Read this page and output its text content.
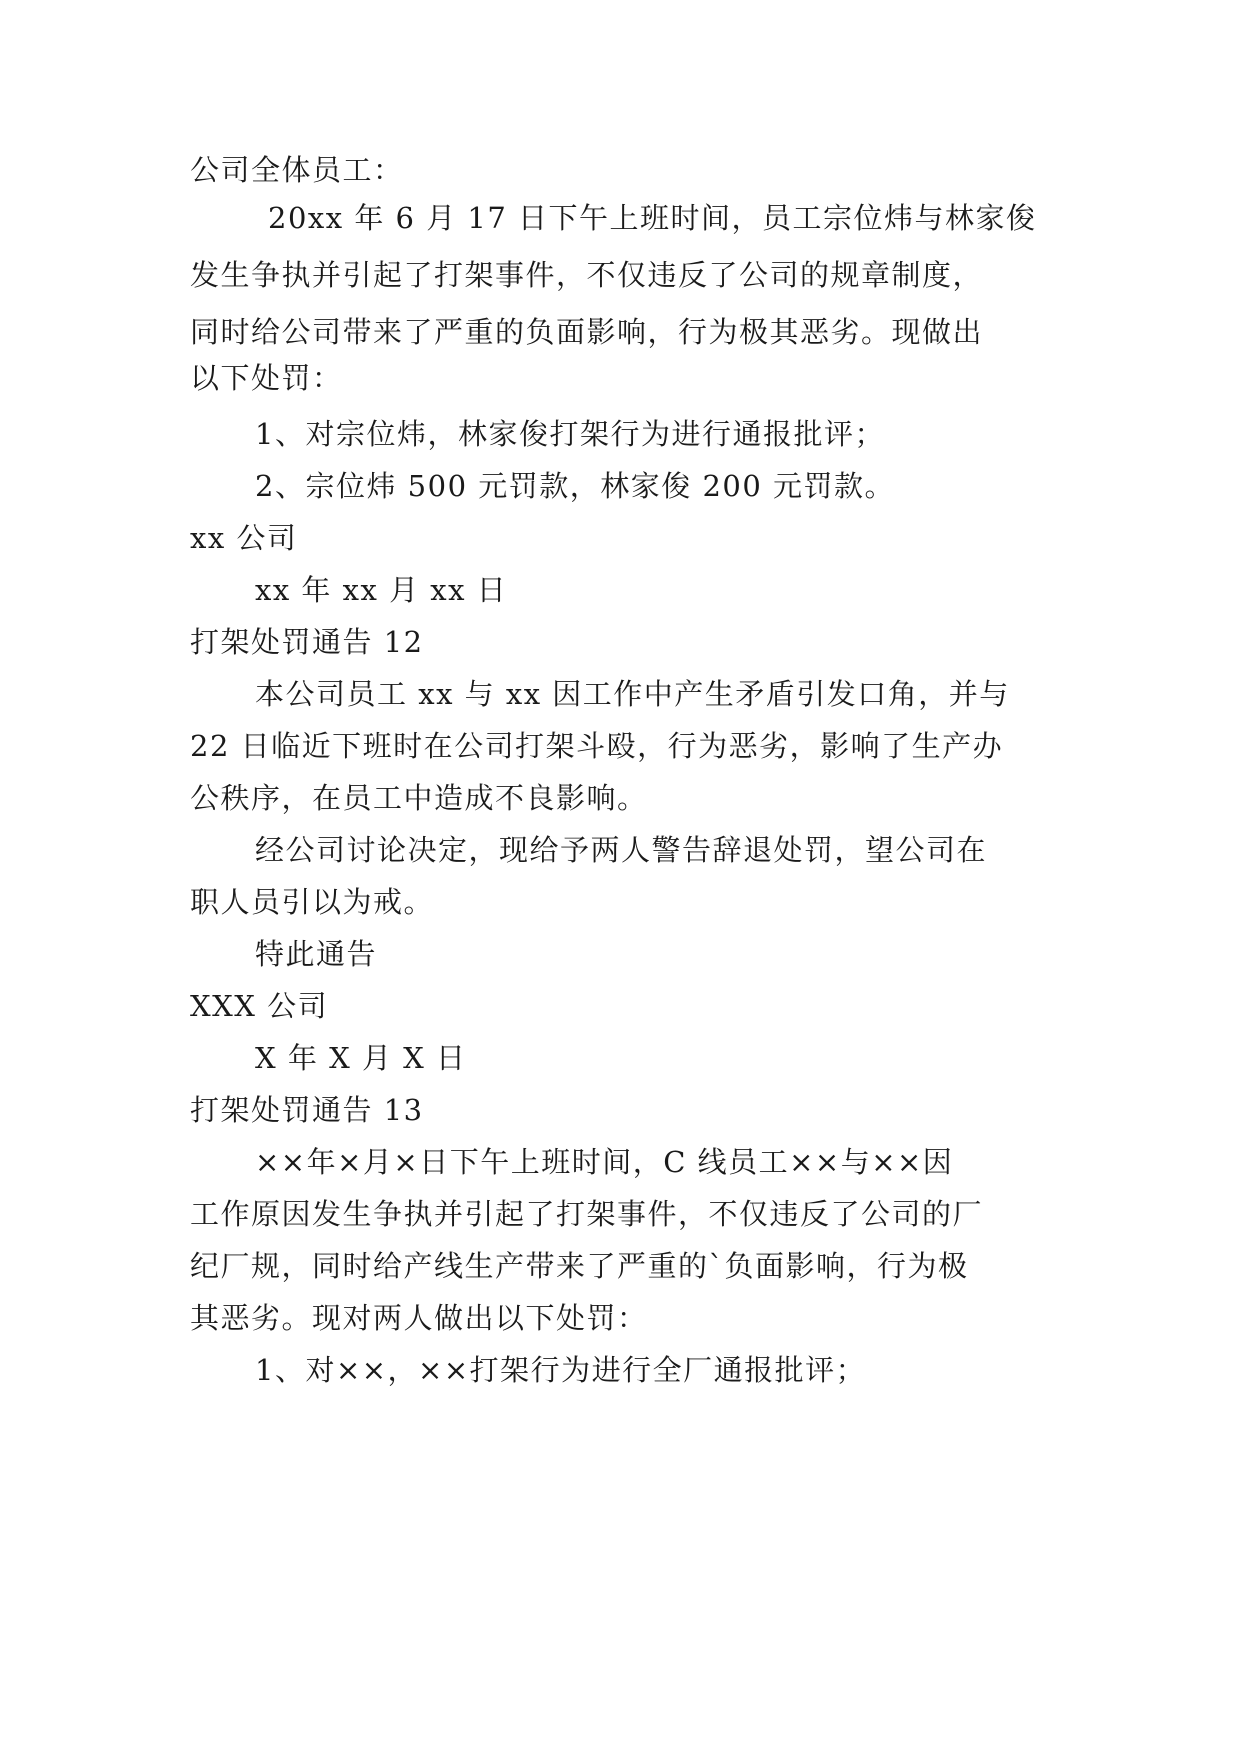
公司全体员工：
20xx 年 6 月 17 日下午上班时间，员工宗位炜与林家俊
发生争执并引起了打架事件，不仅违反了公司的规章制度，
同时给公司带来了严重的负面影响，行为极其恶劣。现做出
以下处罚：
1、对宗位炜，林家俊打架行为进行通报批评；
2、宗位炜 500 元罚款，林家俊 200 元罚款。
xx 公司
xx 年 xx 月 xx 日
打架处罚通告 12
本公司员工 xx 与 xx 因工作中产生矛盾引发口角，并与
22 日临近下班时在公司打架斗殴，行为恶劣，影响了生产办
公秩序，在员工中造成不良影响。
经公司讨论决定，现给予两人警告辞退处罚，望公司在
职人员引以为戒。
特此通告
XXX 公司
X 年 X 月 X 日
打架处罚通告 13
××年×月×日下午上班时间，C 线员工××与××因
工作原因发生争执并引起了打架事件，不仅违反了公司的厂
纪厂规，同时给产线生产带来了严重的`负面影响，行为极
其恶劣。现对两人做出以下处罚：
1、对××，××打架行为进行全厂通报批评；
